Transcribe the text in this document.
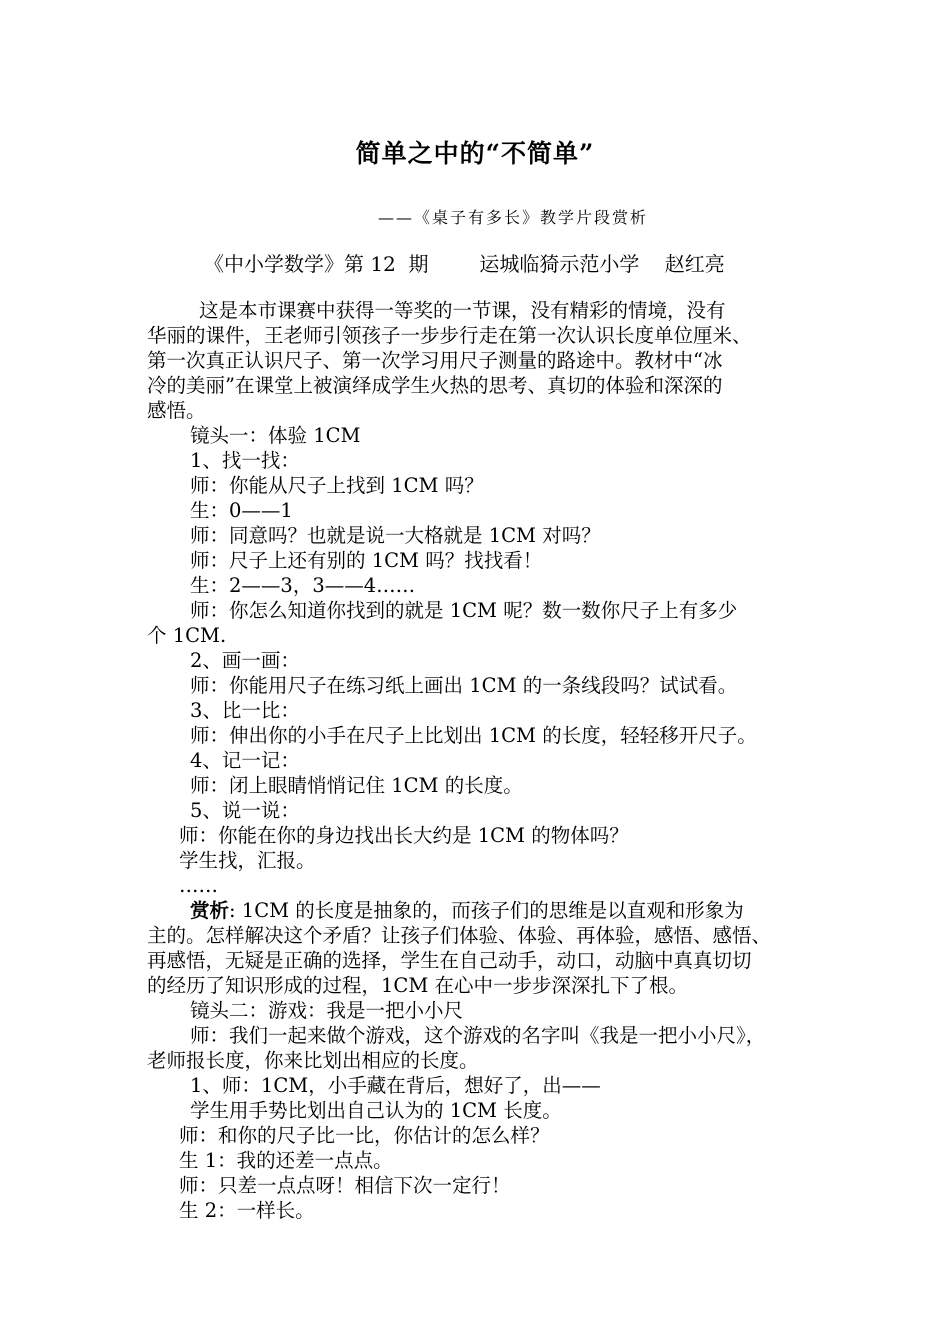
简单之中的“不简单”
——《桌子有多长》教学片段赏析
《中小学数学》第 12  期        运城临猗示范小学    赵红亮

这是本市课赛中获得一等奖的一节课，没有精彩的情境，没有

华丽的课件，王老师引领孩子一步步行走在第一次认识长度单位厘米、

第一次真正认识尺子、第一次学习用尺子测量的路途中。教材中“冰

冷的美丽”在课堂上被演绎成学生火热的思考、真切的体验和深深的

感悟。

镜头一：体验 1CM

1、找一找：

师：你能从尺子上找到 1CM 吗？

生：0——1

师：同意吗？也就是说一大格就是 1CM 对吗？

师：尺子上还有别的 1CM 吗？找找看！

生：2——3，3——4……

师：你怎么知道你找到的就是 1CM 呢？数一数你尺子上有多少

个 1CM.

2、画一画：

师：你能用尺子在练习纸上画出 1CM 的一条线段吗？试试看。

3、比一比：

师：伸出你的小手在尺子上比划出 1CM 的长度，轻轻移开尺子。

4、记一记：

师：闭上眼睛悄悄记住 1CM 的长度。

5、说一说：

师：你能在你的身边找出长大约是 1CM 的物体吗？

学生找，汇报。

……

赏析: 1CM 的长度是抽象的，而孩子们的思维是以直观和形象为

主的。怎样解决这个矛盾？让孩子们体验、体验、再体验，感悟、感悟、

再感悟，无疑是正确的选择，学生在自己动手，动口，动脑中真真切切

的经历了知识形成的过程，1CM 在心中一步步深深扎下了根。

镜头二：游戏：我是一把小小尺

师：我们一起来做个游戏，这个游戏的名字叫《我是一把小小尺》，

老师报长度，你来比划出相应的长度。

1、师：1CM，小手藏在背后，想好了，出——

学生用手势比划出自己认为的 1CM 长度。

师：和你的尺子比一比，你估计的怎么样？

生 1：我的还差一点点。

师：只差一点点呀！相信下次一定行！

生 2：一样长。
